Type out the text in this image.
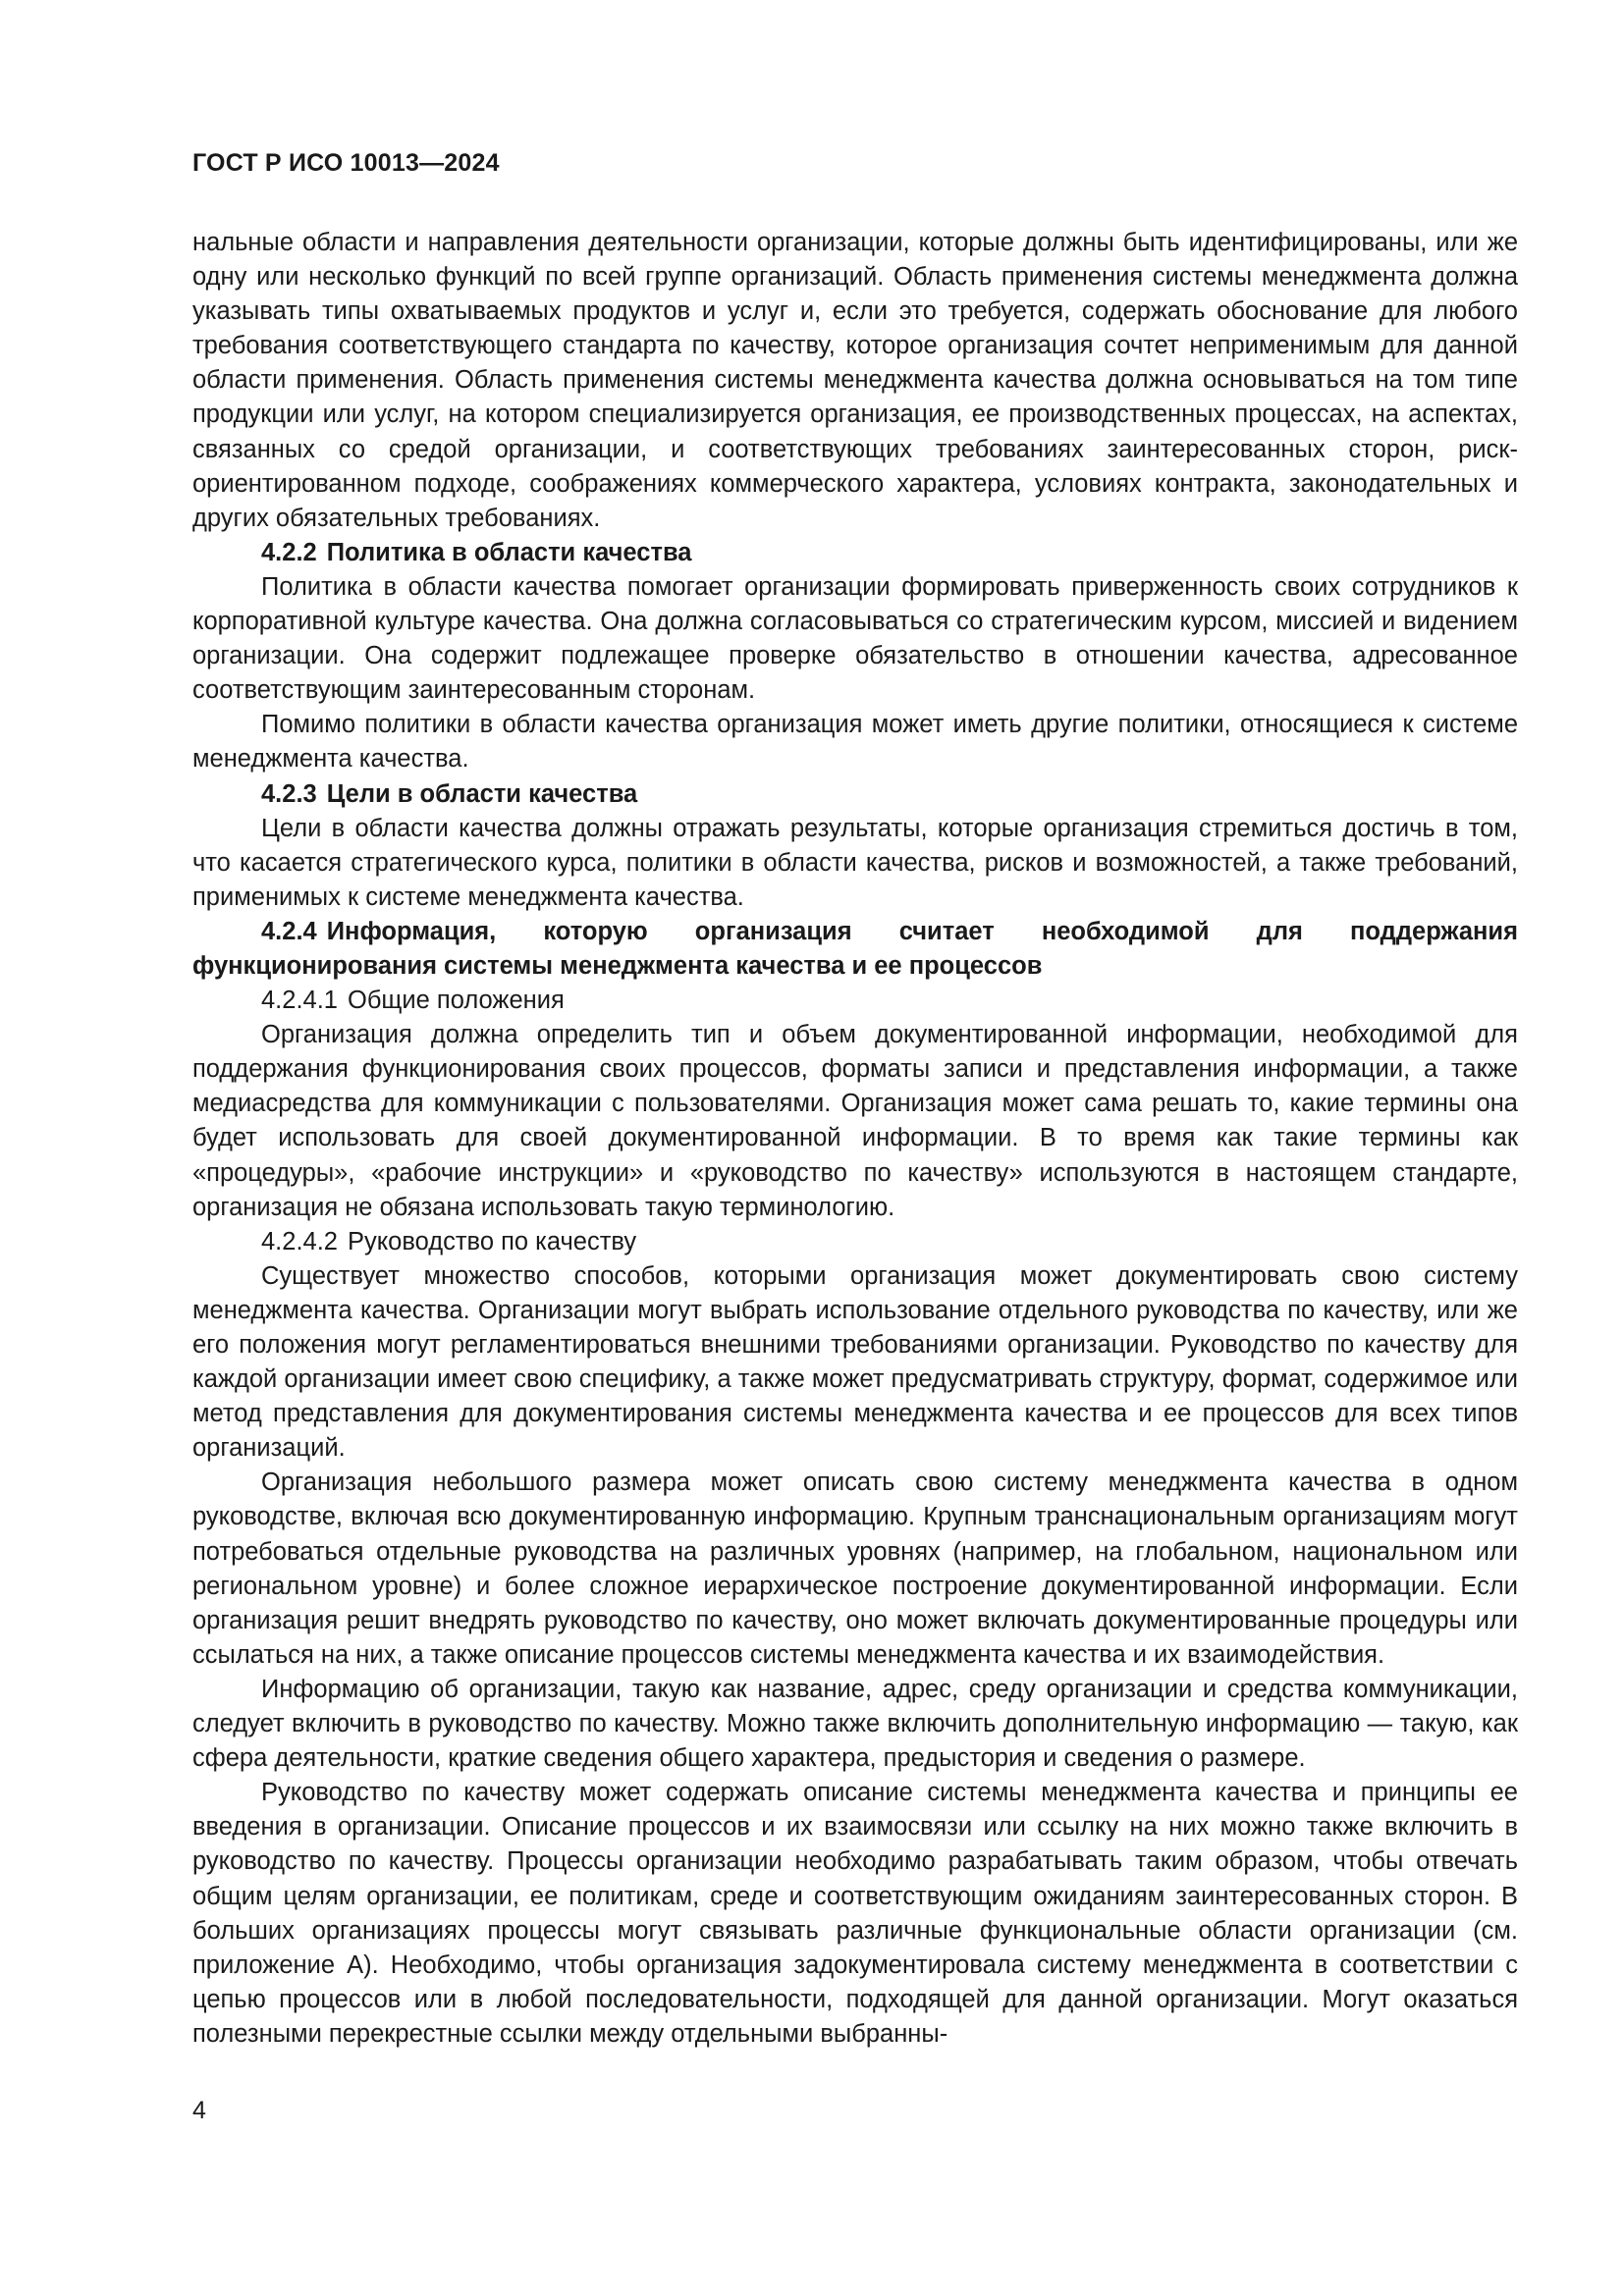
ГОСТ Р ИСО 10013—2024

нальные области и направления деятельности организации, которые должны быть идентифицированы, или же одну или несколько функций по всей группе организаций. Область применения системы менеджмента должна указывать типы охватываемых продуктов и услуг и, если это требуется, содержать обоснование для любого требования соответствующего стандарта по качеству, которое организация сочтет неприменимым для данной области применения. Область применения системы менеджмента качества должна основываться на том типе продукции или услуг, на котором специализируется организация, ее производственных процессах, на аспектах, связанных со средой организации, и соответствующих требованиях заинтересованных сторон, риск-ориентированном подходе, соображениях коммерческого характера, условиях контракта, законодательных и других обязательных требованиях.

4.2.2 Политика в области качества

Политика в области качества помогает организации формировать приверженность своих сотрудников к корпоративной культуре качества. Она должна согласовываться со стратегическим курсом, миссией и видением организации. Она содержит подлежащее проверке обязательство в отношении качества, адресованное соответствующим заинтересованным сторонам.

Помимо политики в области качества организация может иметь другие политики, относящиеся к системе менеджмента качества.

4.2.3 Цели в области качества

Цели в области качества должны отражать результаты, которые организация стремиться достичь в том, что касается стратегического курса, политики в области качества, рисков и возможностей, а также требований, применимых к системе менеджмента качества.

4.2.4 Информация, которую организация считает необходимой для поддержания функционирования системы менеджмента качества и ее процессов

4.2.4.1 Общие положения

Организация должна определить тип и объем документированной информации, необходимой для поддержания функционирования своих процессов, форматы записи и представления информации, а также медиасредства для коммуникации с пользователями. Организация может сама решать то, какие термины она будет использовать для своей документированной информации. В то время как такие термины как «процедуры», «рабочие инструкции» и «руководство по качеству» используются в настоящем стандарте, организация не обязана использовать такую терминологию.

4.2.4.2 Руководство по качеству

Существует множество способов, которыми организация может документировать свою систему менеджмента качества. Организации могут выбрать использование отдельного руководства по качеству, или же его положения могут регламентироваться внешними требованиями организации. Руководство по качеству для каждой организации имеет свою специфику, а также может предусматривать структуру, формат, содержимое или метод представления для документирования системы менеджмента качества и ее процессов для всех типов организаций.

Организация небольшого размера может описать свою систему менеджмента качества в одном руководстве, включая всю документированную информацию. Крупным транснациональным организациям могут потребоваться отдельные руководства на различных уровнях (например, на глобальном, национальном или региональном уровне) и более сложное иерархическое построение документированной информации. Если организация решит внедрять руководство по качеству, оно может включать документированные процедуры или ссылаться на них, а также описание процессов системы менеджмента качества и их взаимодействия.

Информацию об организации, такую как название, адрес, среду организации и средства коммуникации, следует включить в руководство по качеству. Можно также включить дополнительную информацию — такую, как сфера деятельности, краткие сведения общего характера, предыстория и сведения о размере.

Руководство по качеству может содержать описание системы менеджмента качества и принципы ее введения в организации. Описание процессов и их взаимосвязи или ссылку на них можно также включить в руководство по качеству. Процессы организации необходимо разрабатывать таким образом, чтобы отвечать общим целям организации, ее политикам, среде и соответствующим ожиданиям заинтересованных сторон. В больших организациях процессы могут связывать различные функциональные области организации (см. приложение А). Необходимо, чтобы организация задокументировала систему менеджмента в соответствии с цепью процессов или в любой последовательности, подходящей для данной организации. Могут оказаться полезными перекрестные ссылки между отдельными выбранны-

4
